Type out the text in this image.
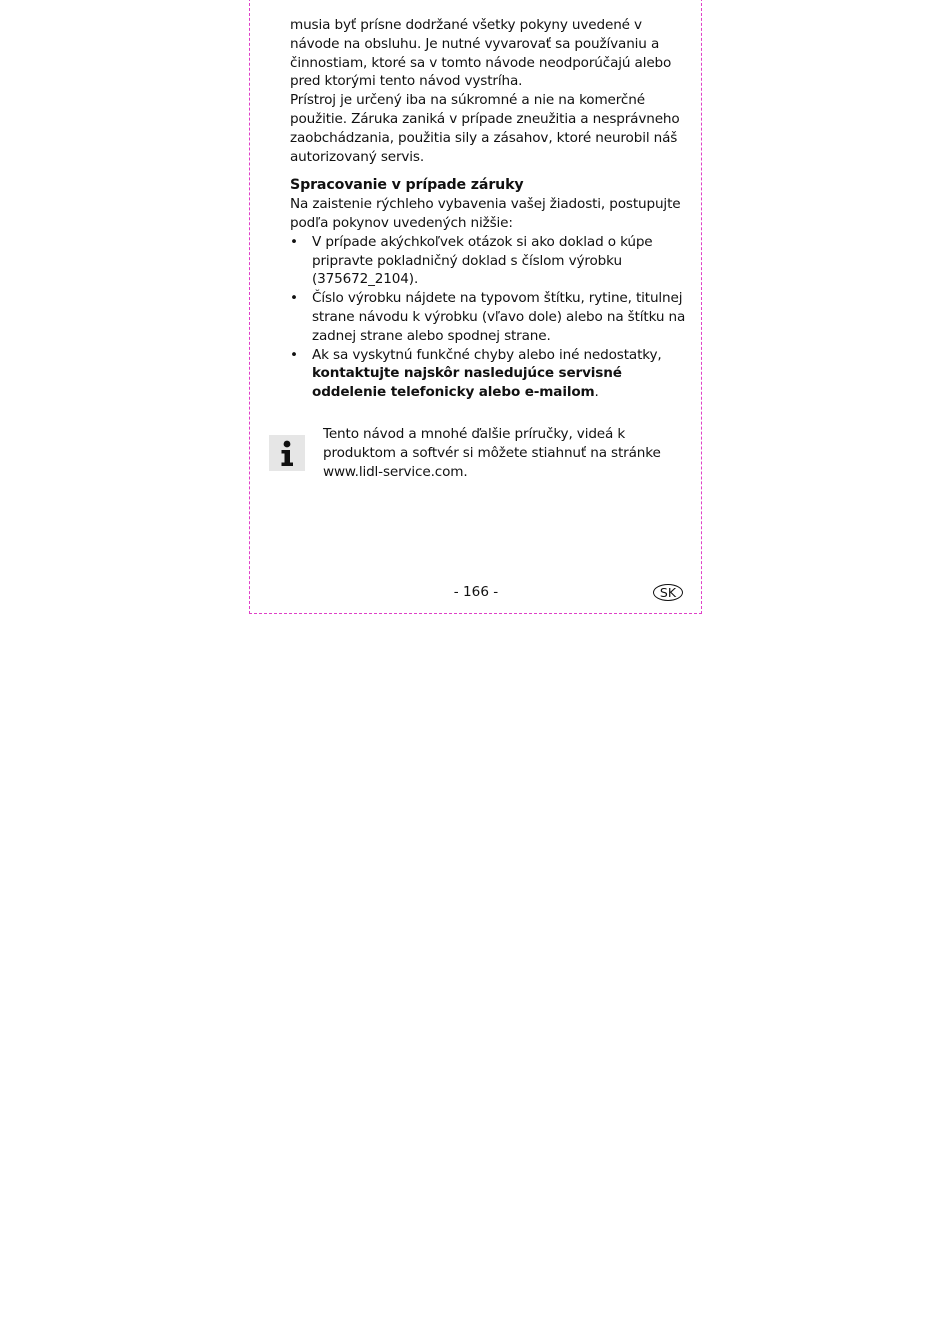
musia byť prísne dodržané všetky pokyny uvedené v návode na obsluhu. Je nutné vyvarovať sa používaniu a činnostiam, ktoré sa v tomto návode neodporúčajú alebo pred ktorými tento návod vystríha.

Prístroj je určený iba na súkromné a nie na komerčné použitie. Záruka zaniká v prípade zneužitia a nesprávneho zaobchádzania, použitia sily a zásahov, ktoré neurobil náš autorizovaný servis.

Spracovanie v prípade záruky

Na zaistenie rýchleho vybavenia vašej žiadosti, postupujte podľa pokynov uvedených nižšie:

• V prípade akýchkoľvek otázok si ako doklad o kúpe pripravte pokladničný doklad s číslom výrobku (375672_2104).
• Číslo výrobku nájdete na typovom štítku, rytine, titulnej strane návodu k výrobku (vľavo dole) alebo na štítku na zadnej strane alebo spodnej strane.
• Ak sa vyskytnú funkčné chyby alebo iné nedostatky, kontaktujte najskôr nasledujúce servisné oddelenie telefonicky alebo e-mailom.
Tento návod a mnohé ďalšie príručky, videá k produktom a softvér si môžete stiahnuť na stránke www.lidl-service.com.
- 166 -	SK
